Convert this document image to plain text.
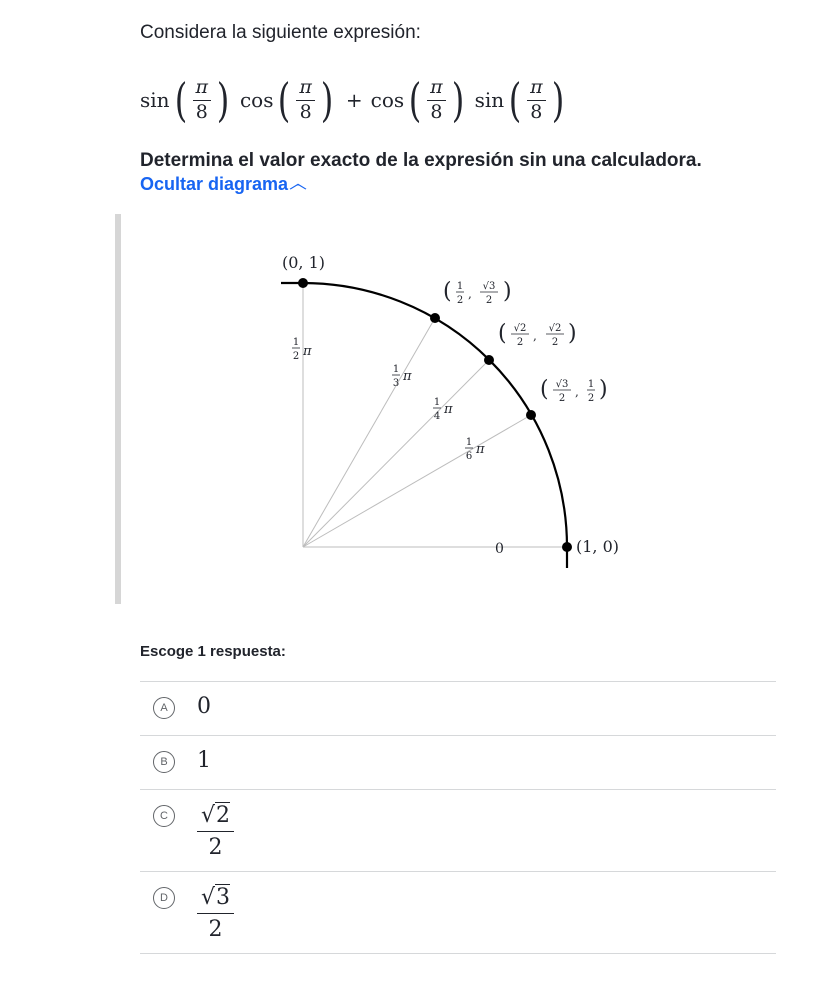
Considera la siguiente expresión:
sin ( $\frac{\pi}{8}$ ) cos ( $\frac{\pi}{8}$ ) + cos ( $\frac{\pi}{8}$ ) sin ( $\frac{\pi}{8}$ )
Determina el valor exacto de la expresión sin una calculadora.
Ocultar diagrama ︿
(0, 1)
(1, 0)
0
1
2 π
1
3 π
1
4 π
1
6 π
( 1
2 ,
√3
2 )
( √2
2 ,
√2
2 )
( √3
2 ,
1
2 )
Escoge 1 respuesta:
A	0
B	1
C	$\frac{√2}{2}$
D	$\frac{√3}{2}$
